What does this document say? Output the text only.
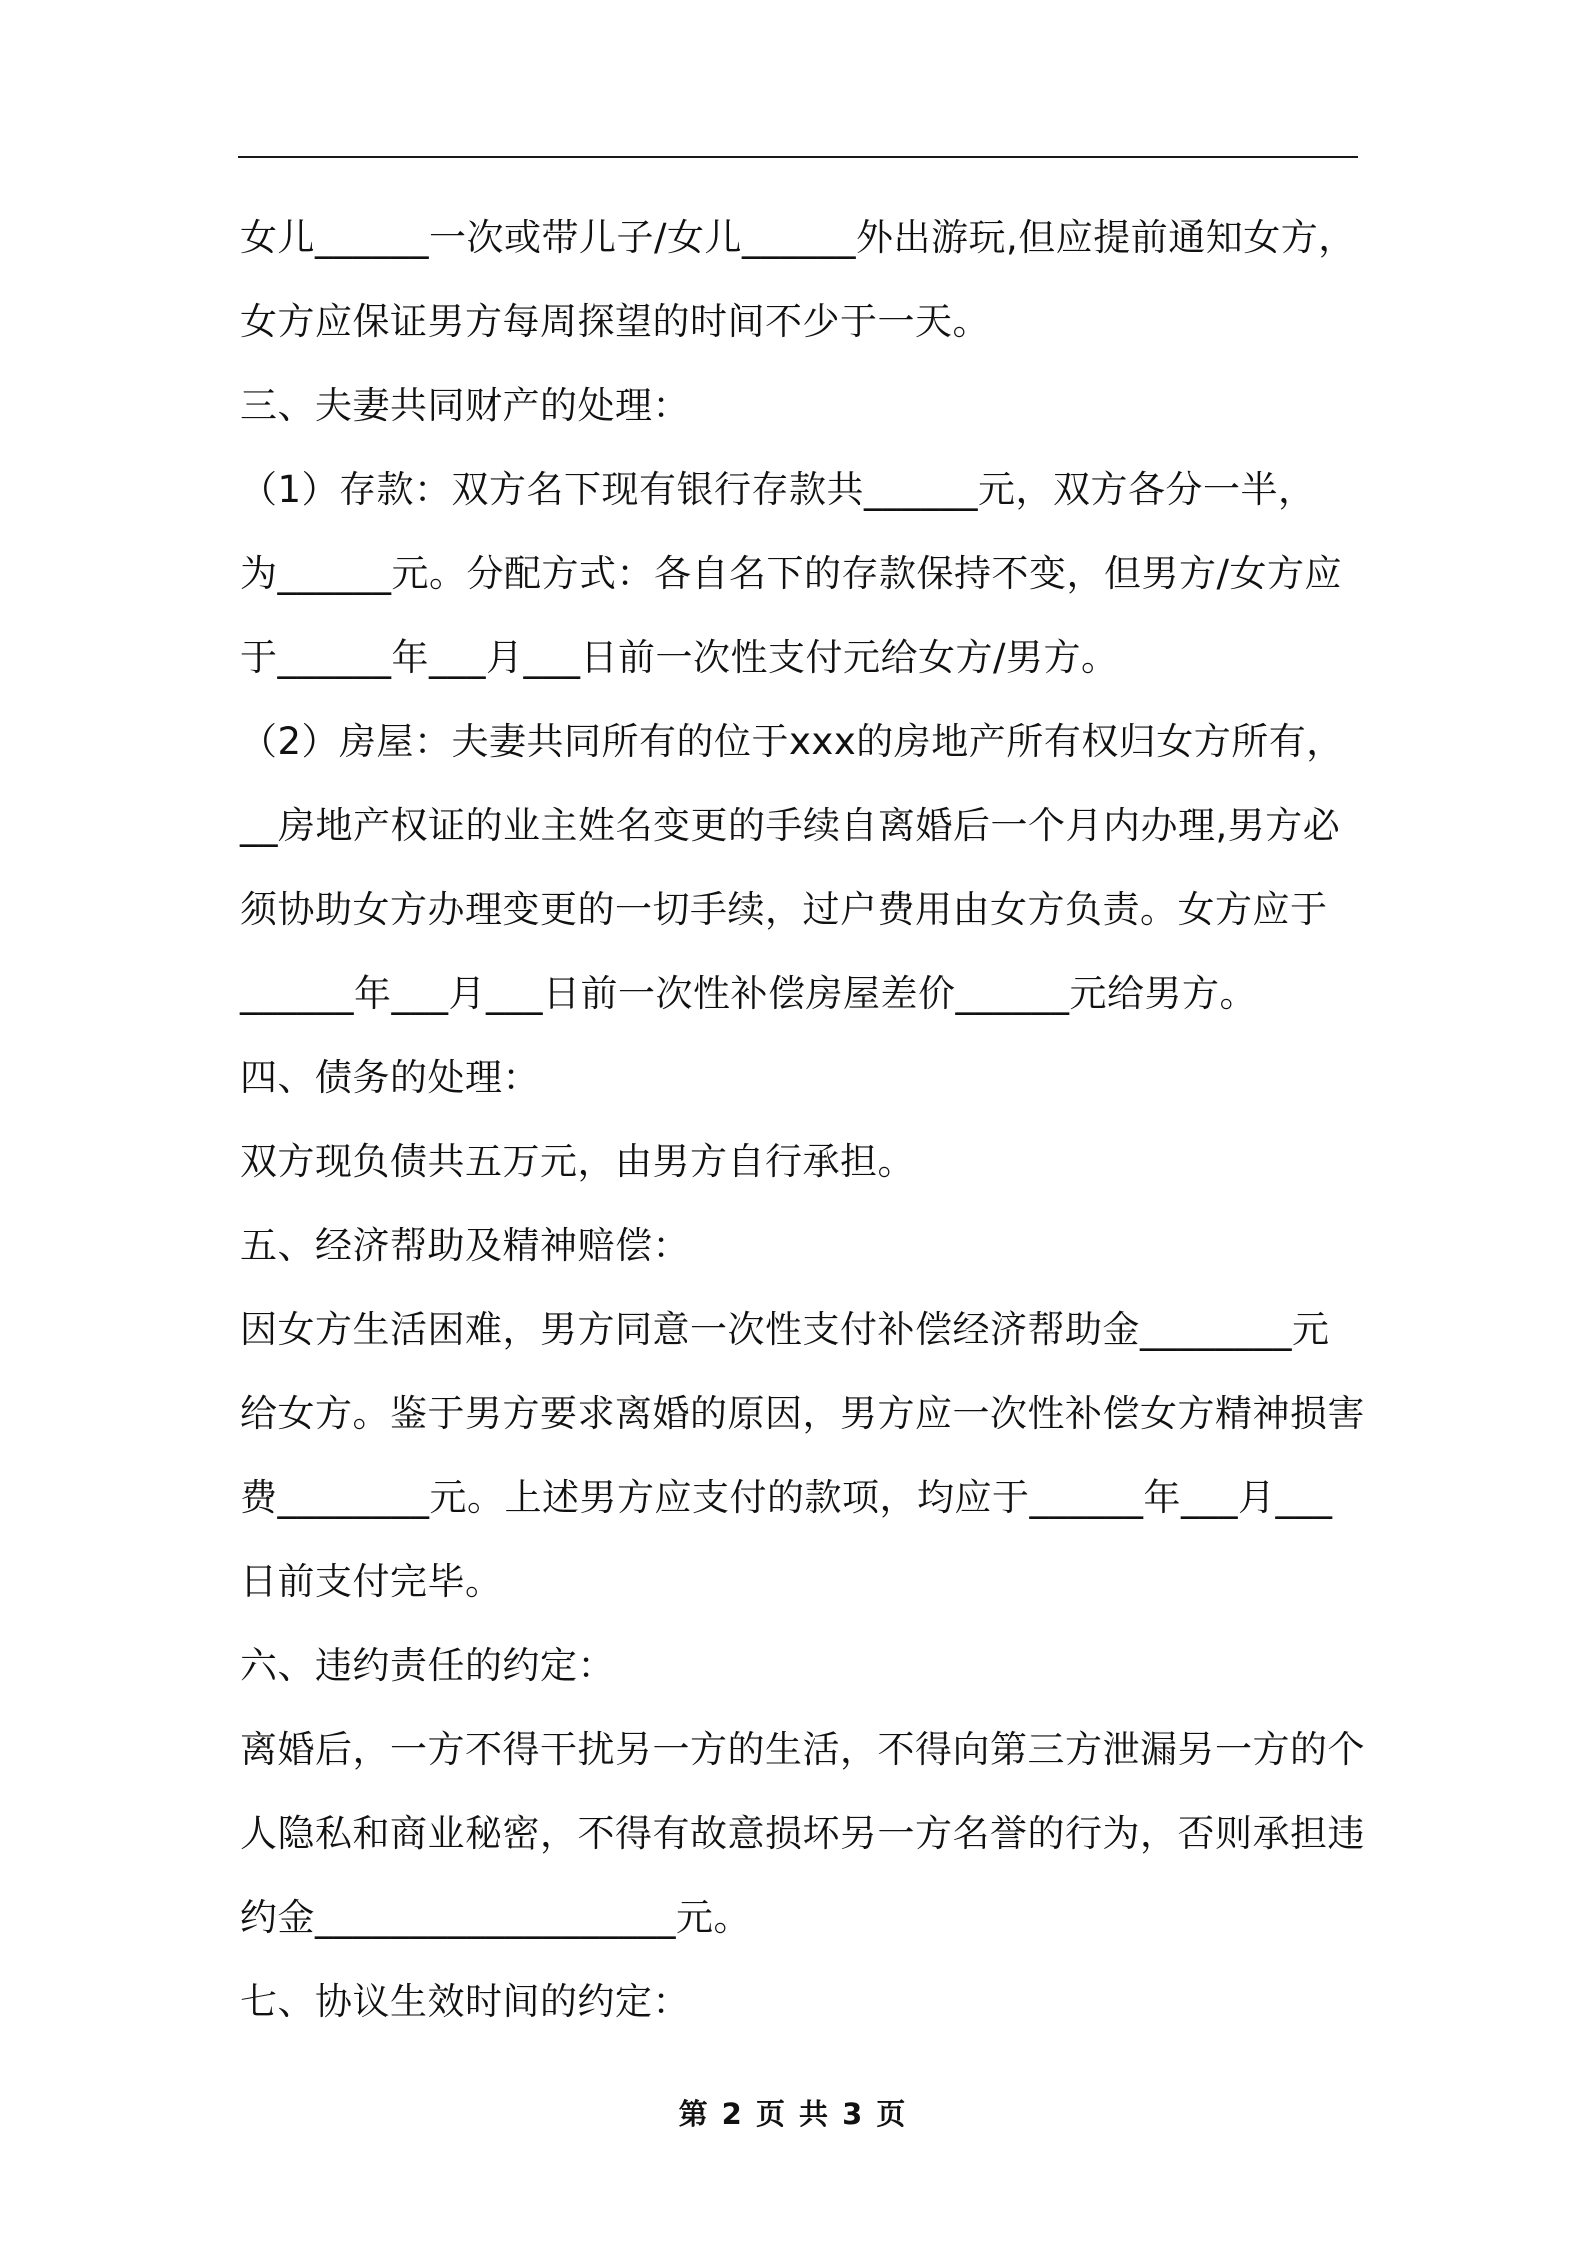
女儿______一次或带儿子/女儿______外出游玩,但应提前通知女方，
女方应保证男方每周探望的时间不少于一天。
三、夫妻共同财产的处理：
（1）存款：双方名下现有银行存款共______元，双方各分一半，
为______元。分配方式：各自名下的存款保持不变，但男方/女方应
于______年___月___日前一次性支付元给女方/男方。
（2）房屋：夫妻共同所有的位于xxx的房地产所有权归女方所有，
__房地产权证的业主姓名变更的手续自离婚后一个月内办理,男方必
须协助女方办理变更的一切手续，过户费用由女方负责。女方应于
______年___月___日前一次性补偿房屋差价______元给男方。
四、债务的处理：
双方现负债共五万元，由男方自行承担。
五、经济帮助及精神赔偿：
因女方生活困难，男方同意一次性支付补偿经济帮助金________元
给女方。鉴于男方要求离婚的原因，男方应一次性补偿女方精神损害
费________元。上述男方应支付的款项，均应于______年___月___
日前支付完毕。
六、违约责任的约定：
离婚后，一方不得干扰另一方的生活，不得向第三方泄漏另一方的个
人隐私和商业秘密，不得有故意损坏另一方名誉的行为，否则承担违
约金___________________元。
七、协议生效时间的约定：
第 2 页 共 3 页
